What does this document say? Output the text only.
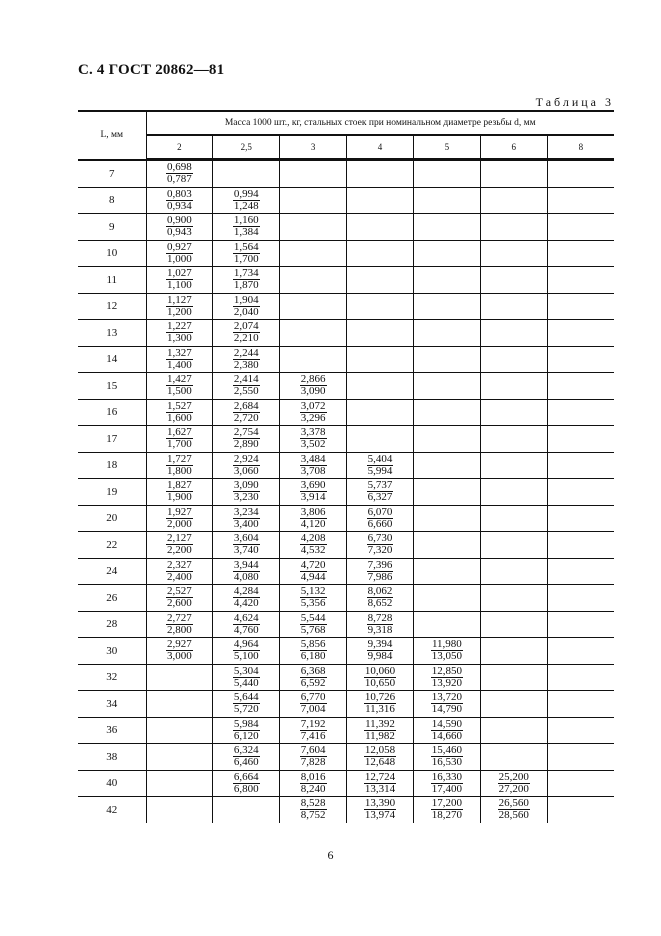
С. 4 ГОСТ 20862—81
Таблица 3
L, мм	Масса 1000 шт., кг, стальных стоек при номинальном диаметре резьбы d, мм						
	2	2,5	3	4	5	6	8
7	$\frac{0,698}{0,787}$

8	$\frac{0,803}{0,934}$	$\frac{0,994}{1,248}$

9	$\frac{0,900}{0,943}$	$\frac{1,160}{1,384}$

10	$\frac{0,927}{1,000}$	$\frac{1,564}{1,700}$

11	$\frac{1,027}{1,100}$	$\frac{1,734}{1,870}$

12	$\frac{1,127}{1,200}$	$\frac{1,904}{2,040}$

13	$\frac{1,227}{1,300}$	$\frac{2,074}{2,210}$

14	$\frac{1,327}{1,400}$	$\frac{2,244}{2,380}$

15	$\frac{1,427}{1,500}$	$\frac{2,414}{2,550}$	$\frac{2,866}{3,090}$

16	$\frac{1,527}{1,600}$	$\frac{2,684}{2,720}$	$\frac{3,072}{3,296}$

17	$\frac{1,627}{1,700}$	$\frac{2,754}{2,890}$	$\frac{3,378}{3,502}$

18	$\frac{1,727}{1,800}$	$\frac{2,924}{3,060}$	$\frac{3,484}{3,708}$	$\frac{5,404}{5,994}$

19	$\frac{1,827}{1,900}$	$\frac{3,090}{3,230}$	$\frac{3,690}{3,914}$	$\frac{5,737}{6,327}$

20	$\frac{1,927}{2,000}$	$\frac{3,234}{3,400}$	$\frac{3,806}{4,120}$	$\frac{6,070}{6,660}$

22	$\frac{2,127}{2,200}$	$\frac{3,604}{3,740}$	$\frac{4,208}{4,532}$	$\frac{6,730}{7,320}$

24	$\frac{2,327}{2,400}$	$\frac{3,944}{4,080}$	$\frac{4,720}{4,944}$	$\frac{7,396}{7,986}$

26	$\frac{2,527}{2,600}$	$\frac{4,284}{4,420}$	$\frac{5,132}{5,356}$	$\frac{8,062}{8,652}$

28	$\frac{2,727}{2,800}$	$\frac{4,624}{4,760}$	$\frac{5,544}{5,768}$	$\frac{8,728}{9,318}$

30	$\frac{2,927}{3,000}$	$\frac{4,964}{5,100}$	$\frac{5,856}{6,180}$	$\frac{9,394}{9,984}$	$\frac{11,980}{13,050}$

32		$\frac{5,304}{5,440}$	$\frac{6,368}{6,592}$	$\frac{10,060}{10,650}$	$\frac{12,850}{13,920}$

34		$\frac{5,644}{5,720}$	$\frac{6,770}{7,004}$	$\frac{10,726}{11,316}$	$\frac{13,720}{14,790}$

36		$\frac{5,984}{6,120}$	$\frac{7,192}{7,416}$	$\frac{11,392}{11,982}$	$\frac{14,590}{14,660}$

38		$\frac{6,324}{6,460}$	$\frac{7,604}{7,828}$	$\frac{12,058}{12,648}$	$\frac{15,460}{16,530}$

40		$\frac{6,664}{6,800}$	$\frac{8,016}{8,240}$	$\frac{12,724}{13,314}$	$\frac{16,330}{17,400}$	$\frac{25,200}{27,200}$

42			$\frac{8,528}{8,752}$	$\frac{13,390}{13,974}$	$\frac{17,200}{18,270}$	$\frac{26,560}{28,560}$

6
